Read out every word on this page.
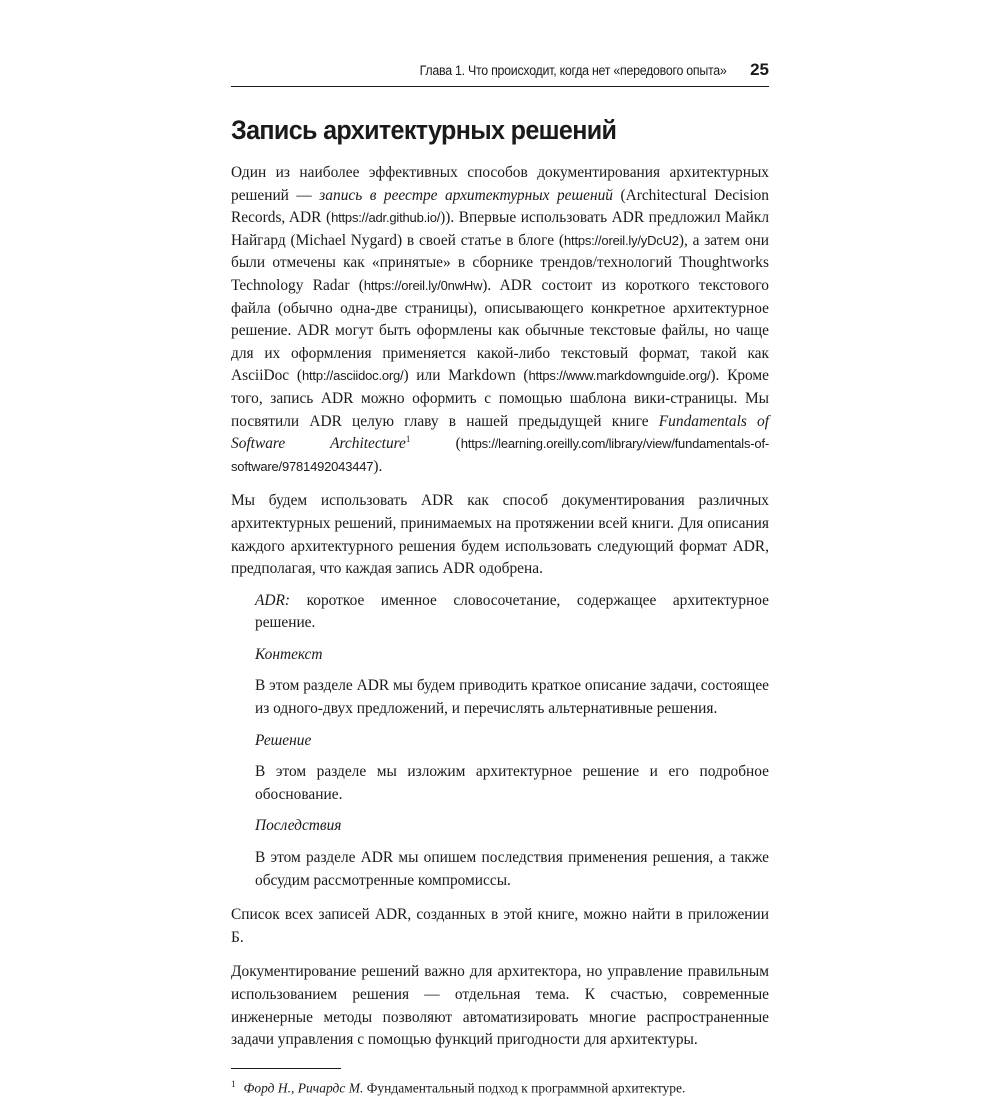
Глава 1. Что происходит, когда нет «передового опыта» 25
Запись архитектурных решений

Один из наиболее эффективных способов документирования архитектурных решений — запись в реестре архитектурных решений (Architectural Decision Records, ADR (https://adr.github.io/)). Впервые использовать ADR предложил Майкл Найгард (Michael Nygard) в своей статье в блоге (https://oreil.ly/yDcU2), а затем они были отмечены как «принятые» в сборнике трендов/технологий Thoughtworks Technology Radar (https://oreil.ly/0nwHw). ADR состоит из короткого текстового файла (обычно одна-две страницы), описывающего конкретное архитектурное решение. ADR могут быть оформлены как обычные текстовые файлы, но чаще для их оформления применяется какой-либо текстовый формат, такой как AsciiDoc (http://asciidoc.org/) или Markdown (https://www.markdownguide.org/). Кроме того, запись ADR можно оформить с помощью шаблона вики-страницы. Мы посвятили ADR целую главу в нашей предыдущей книге Fundamentals of Software Architecture$^1$ (https://learning.oreilly.com/library/view/fundamentals-of-software/9781492043447).

Мы будем использовать ADR как способ документирования различных архитектурных решений, принимаемых на протяжении всей книги. Для описания каждого архитектурного решения будем использовать следующий формат ADR, предполагая, что каждая запись ADR одобрена.

ADR: короткое именное словосочетание, содержащее архитектурное решение.

Контекст

В этом разделе ADR мы будем приводить краткое описание задачи, состоящее из одного-двух предложений, и перечислять альтернативные решения.

Решение

В этом разделе мы изложим архитектурное решение и его подробное обоснование.

Последствия

В этом разделе ADR мы опишем последствия применения решения, а также обсудим рассмотренные компромиссы.

Список всех записей ADR, созданных в этой книге, можно найти в приложении Б.

Документирование решений важно для архитектора, но управление правильным использованием решения — отдельная тема. К счастью, современные инженерные методы позволяют автоматизировать многие распространенные задачи управления с помощью функций пригодности для архитектуры.

$^1$ Форд Н., Ричардс М. Фундаментальный подход к программной архитектуре.
